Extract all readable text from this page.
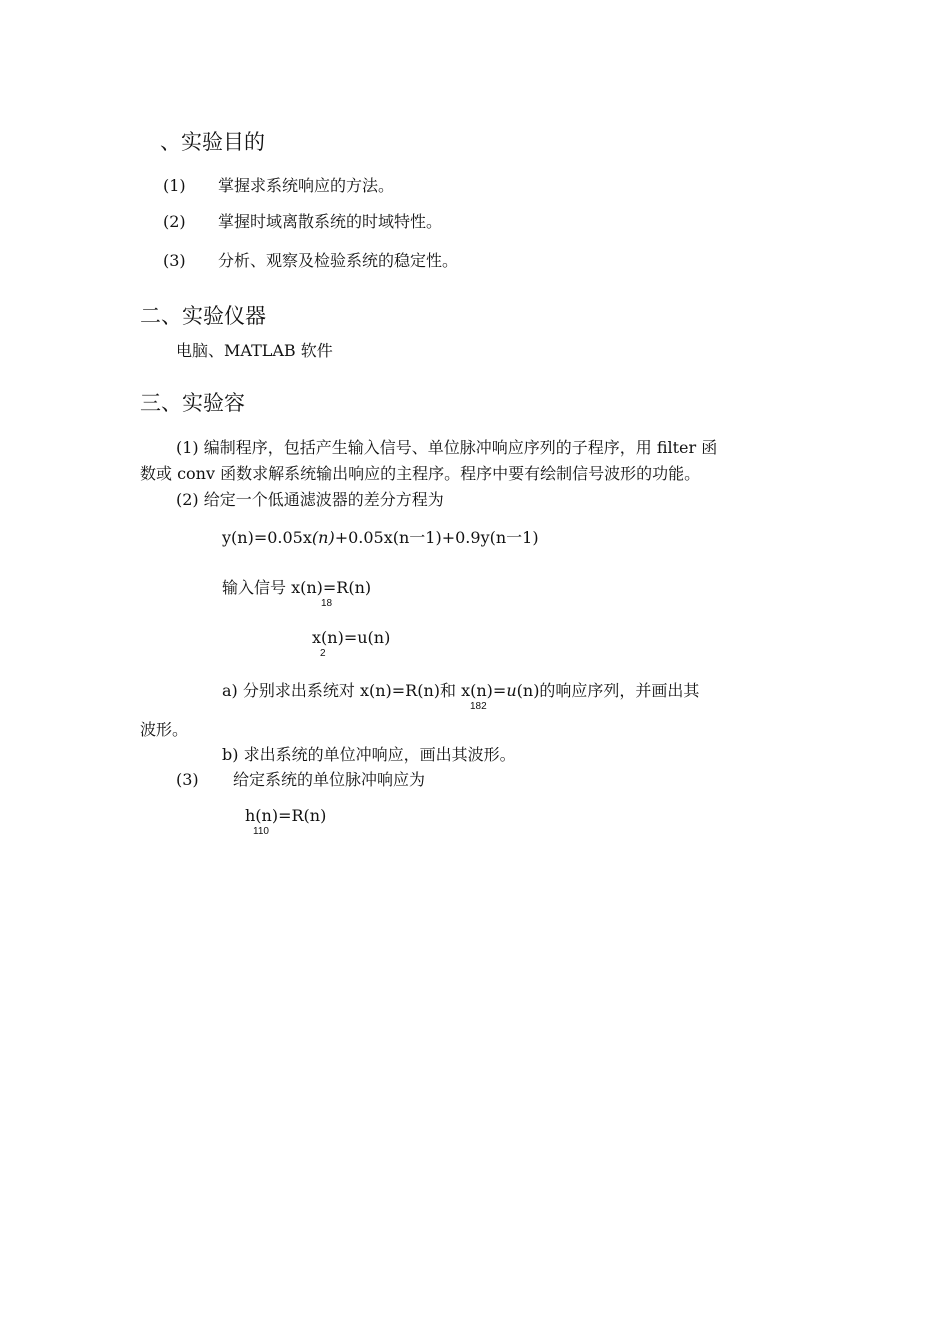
、实验目的
(1) 掌握求系统响应的方法。
(2) 掌握时域离散系统的时域特性。
(3) 分析、观察及检验系统的稳定性。
二、实验仪器
电脑、MATLAB 软件
三、实验容
(1) 编制程序，包括产生输入信号、单位脉冲响应序列的子程序，用 filter 函
数或 conv 函数求解系统输出响应的主程序。程序中要有绘制信号波形的功能。
(2) 给定一个低通滤波器的差分方程为
y(n)=0.05x(n)+0.05x(n一1)+0.9y(n一1)
输入信号 x(n)=R(n)
18
x(n)=u(n)
2
a) 分别求出系统对 x(n)=R(n)和 x(n)=u(n)的响应序列，并画出其
182
波形。
b) 求出系统的单位冲响应，画出其波形。
(3) 给定系统的单位脉冲响应为
h(n)=R(n)
110
